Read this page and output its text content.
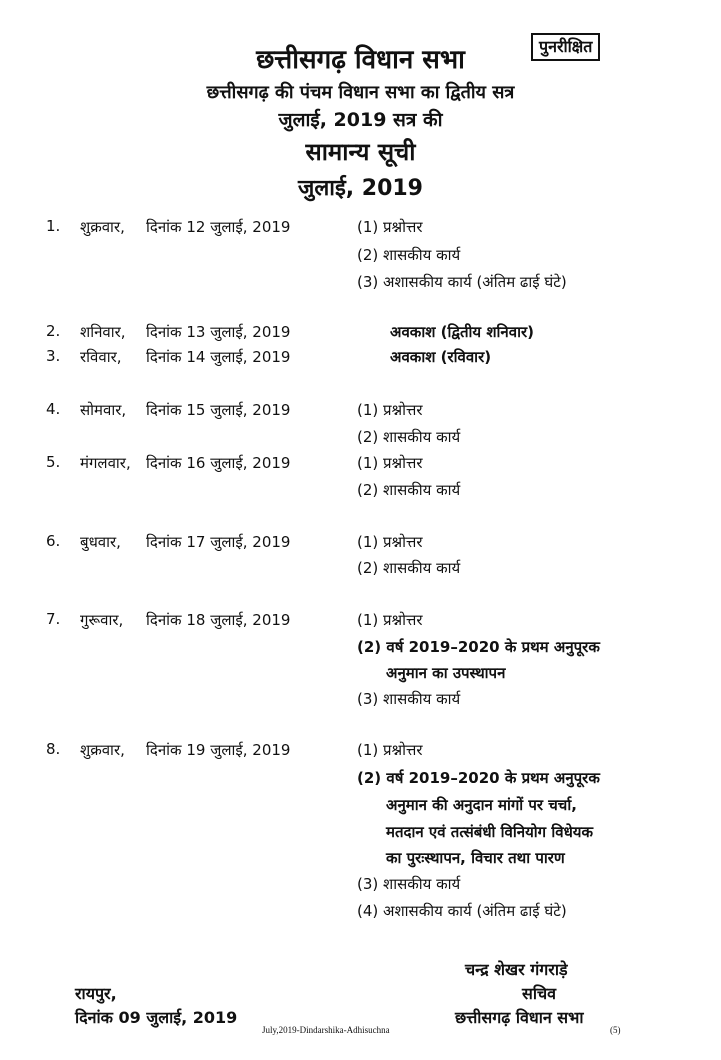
छत्तीसगढ़ विधान सभा	पुनरीक्षित
छत्तीसगढ़ की पंचम विधान सभा का द्वितीय सत्र
जुलाई, 2019 सत्र की
सामान्य सूची
जुलाई, 2019
1.	शुक्रवार, दिनांक 12 जुलाई, 2019	(1) प्रश्नोत्तर
(2) शासकीय कार्य
(3) अशासकीय कार्य (अंतिम ढाई घंटे)
2.	शनिवार, दिनांक 13 जुलाई, 2019	अवकाश (द्वितीय शनिवार)
3.	रविवार, दिनांक 14 जुलाई, 2019	अवकाश (रविवार)
4.	सोमवार, दिनांक 15 जुलाई, 2019	(1) प्रश्नोत्तर
(2) शासकीय कार्य
5.	मंगलवार, दिनांक 16 जुलाई, 2019	(1) प्रश्नोत्तर
(2) शासकीय कार्य
6.	बुधवार, दिनांक 17 जुलाई, 2019	(1) प्रश्नोत्तर
(2) शासकीय कार्य
7.	गुरूवार, दिनांक 18 जुलाई, 2019	(1) प्रश्नोत्तर
(2) वर्ष 2019–2020 के प्रथम अनुपूरक
अनुमान का उपस्थापन
(3) शासकीय कार्य
8.	शुक्रवार, दिनांक 19 जुलाई, 2019	(1) प्रश्नोत्तर
(2) वर्ष 2019–2020 के प्रथम अनुपूरक
अनुमान की अनुदान मांगों पर चर्चा,
मतदान एवं तत्संबंधी विनियोग विधेयक
का पुरःस्थापन, विचार तथा पारण
(3) शासकीय कार्य
(4) अशासकीय कार्य (अंतिम ढाई घंटे)
चन्द्र शेखर गंगराड़े
रायपुर,	सचिव
दिनांक 09 जुलाई, 2019	छत्तीसगढ़ विधान सभा
July,2019-Dindarshika-Adhisuchna	(5)
